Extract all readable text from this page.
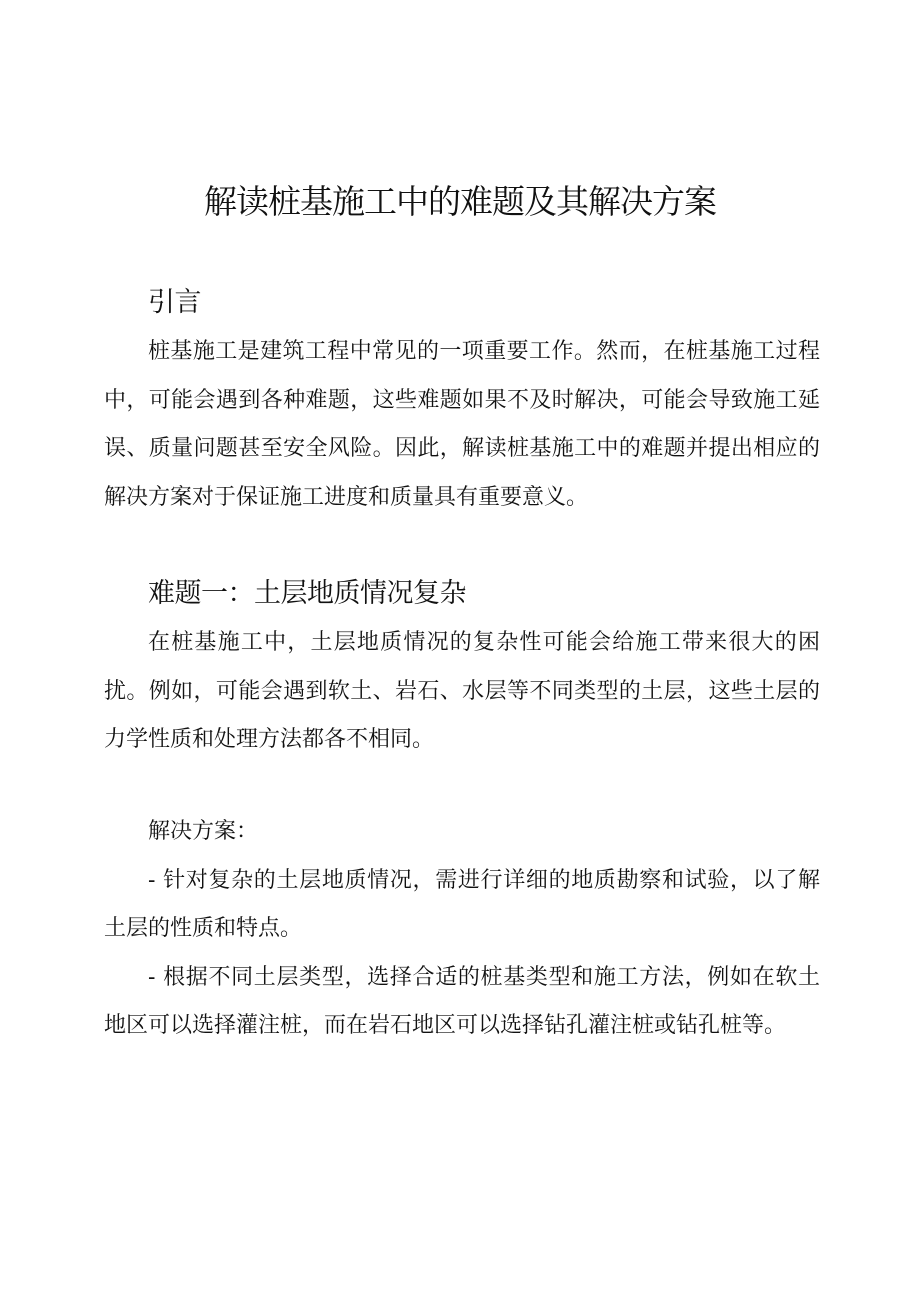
解读桩基施工中的难题及其解决方案
引言

桩基施工是建筑工程中常见的一项重要工作。然而，在桩基施工过程中，可能会遇到各种难题，这些难题如果不及时解决，可能会导致施工延误、质量问题甚至安全风险。因此，解读桩基施工中的难题并提出相应的解决方案对于保证施工进度和质量具有重要意义。

难题一：土层地质情况复杂

在桩基施工中，土层地质情况的复杂性可能会给施工带来很大的困扰。例如，可能会遇到软土、岩石、水层等不同类型的土层，这些土层的力学性质和处理方法都各不相同。

解决方案：

- 针对复杂的土层地质情况，需进行详细的地质勘察和试验，以了解土层的性质和特点。

- 根据不同土层类型，选择合适的桩基类型和施工方法，例如在软土地区可以选择灌注桩，而在岩石地区可以选择钻孔灌注桩或钻孔桩等。
